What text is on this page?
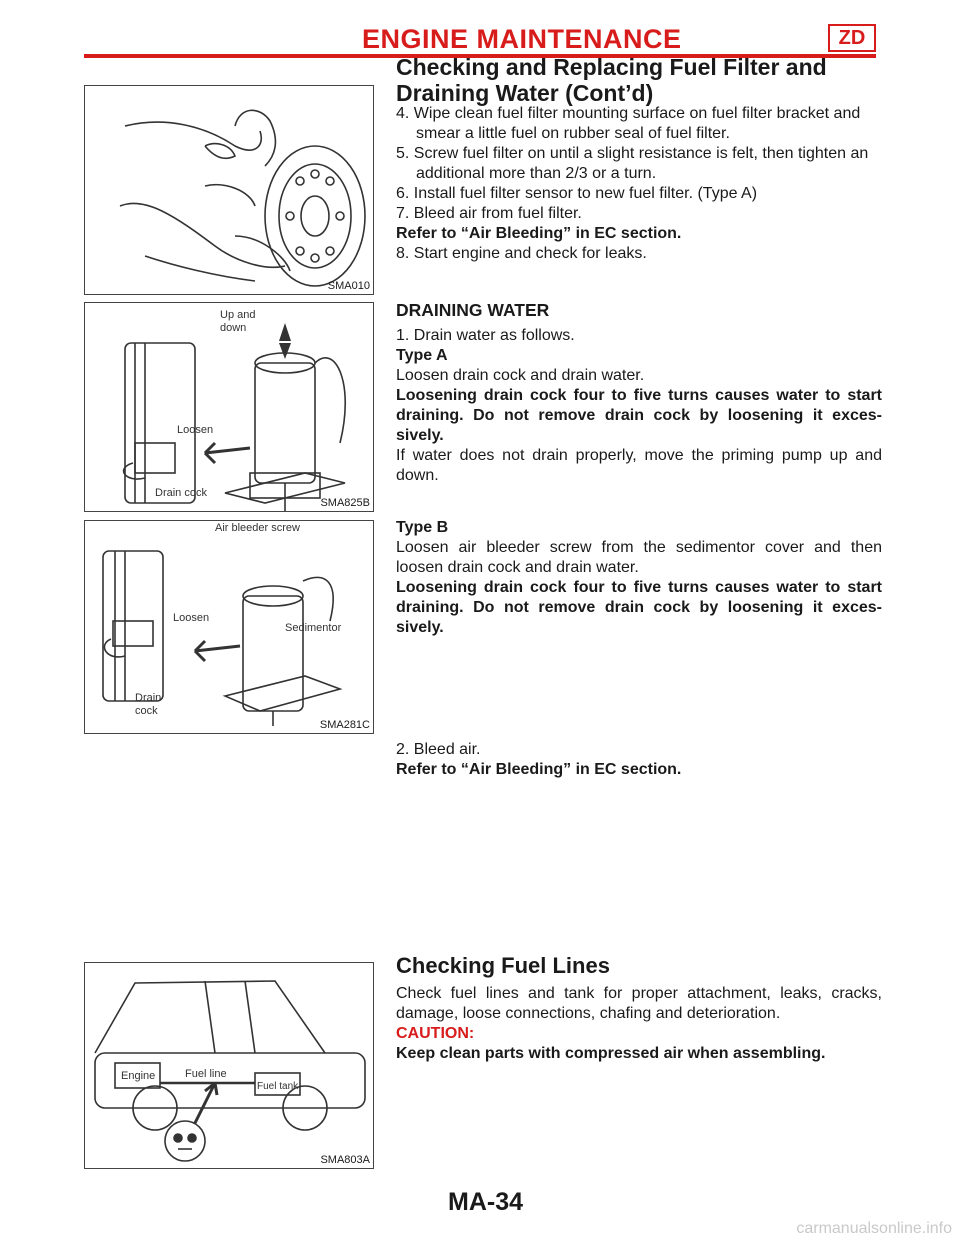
ENGINE MAINTENANCE	ZD
Checking and Replacing Fuel Filter and
Draining Water (Cont’d)
SMA010
Up and
down
Loosen
Drain cock
SMA825B
Air bleeder screw
Loosen
Sedimentor
Drain
cock
SMA281C
Engine	Fuel line
Fuel tank
SMA803A

4. Wipe clean fuel filter mounting surface on fuel filter bracket and smear a little fuel on rubber seal of fuel filter.

5. Screw fuel filter on until a slight resistance is felt, then tighten an additional more than 2/3 or a turn.

6. Install fuel filter sensor to new fuel filter. (Type A)

7. Bleed air from fuel filter.

Refer to “Air Bleeding” in EC section.

8. Start engine and check for leaks.

DRAINING WATER

1. Drain water as follows.

Type A

Loosen drain cock and drain water.

Loosening drain cock four to five turns causes water to start draining. Do not remove drain cock by loosening it exces- sively.

If water does not drain properly, move the priming pump up and down.

Type B

Loosen air bleeder screw from the sedimentor cover and then loosen drain cock and drain water.

Loosening drain cock four to five turns causes water to start draining. Do not remove drain cock by loosening it exces- sively.

2. Bleed air.

Refer to “Air Bleeding” in EC section.

Checking Fuel Lines

Check fuel lines and tank for proper attachment, leaks, cracks, damage, loose connections, chafing and deterioration.

CAUTION:

Keep clean parts with compressed air when assembling.

MA-34
carmanualsonline.info
